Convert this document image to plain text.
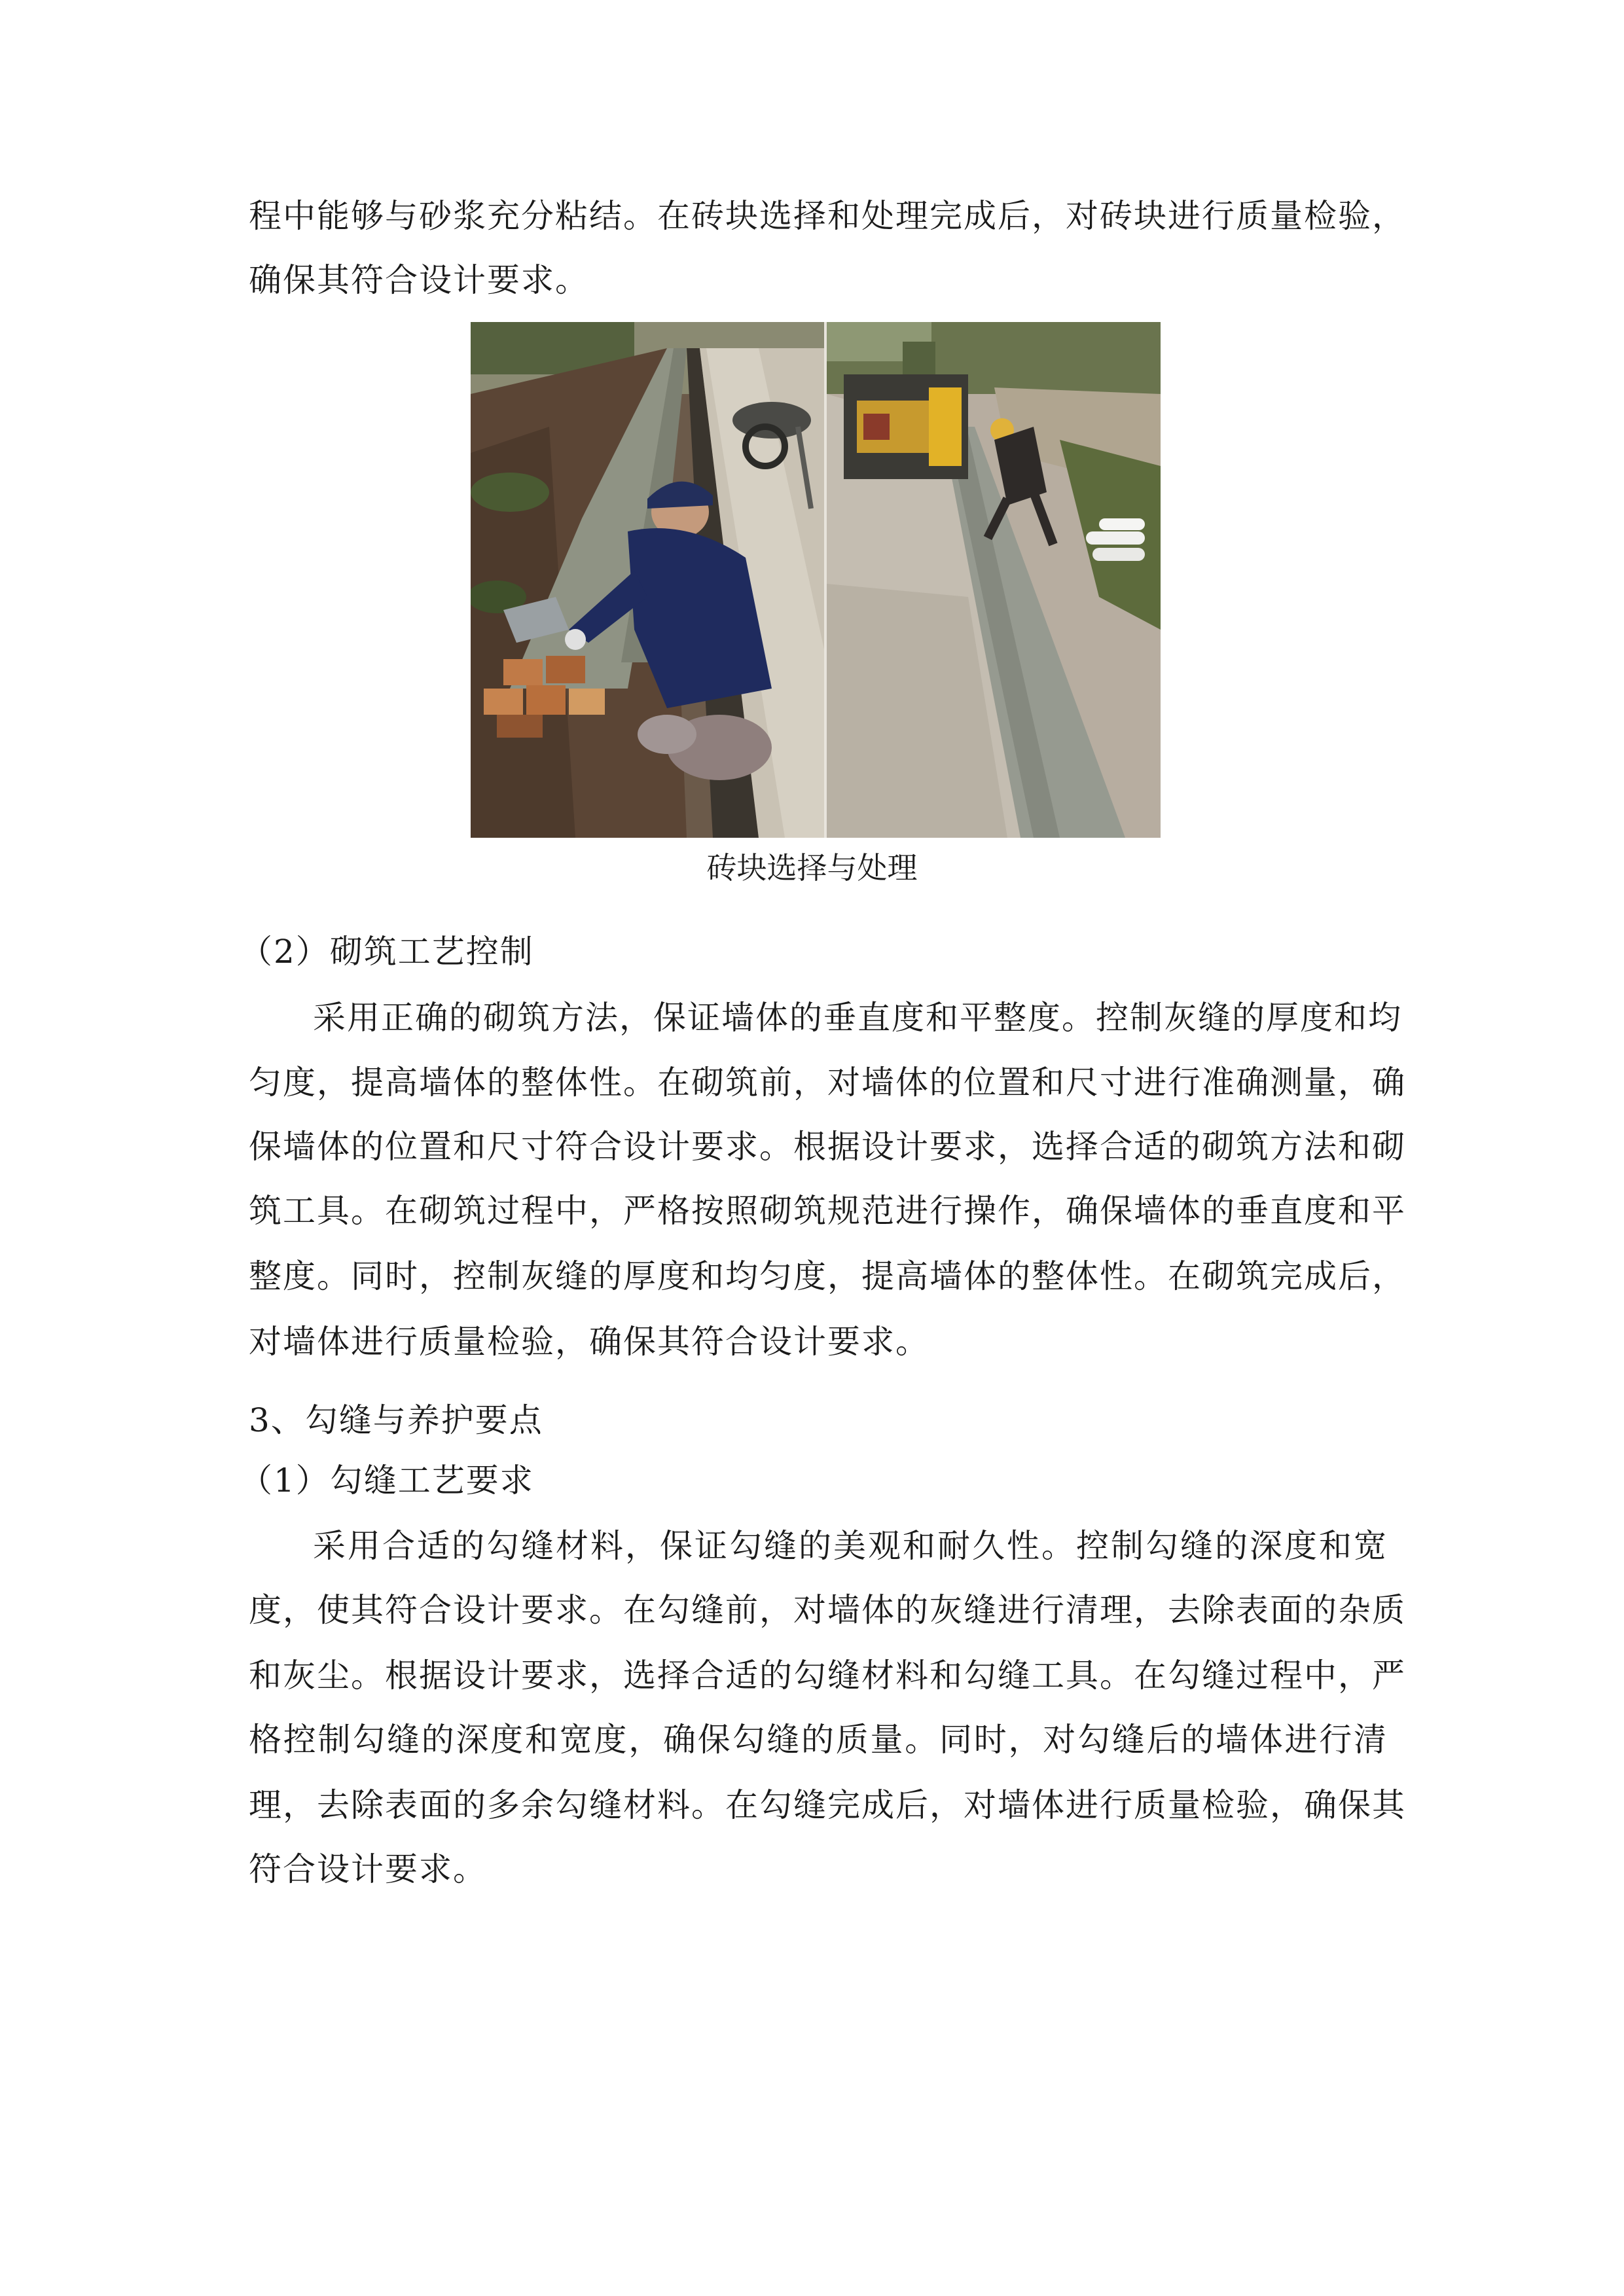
程中能够与砂浆充分粘结。在砖块选择和处理完成后，对砖块进行质量检验，
确保其符合设计要求。
砖块选择与处理
（2）砌筑工艺控制
采用正确的砌筑方法，保证墙体的垂直度和平整度。控制灰缝的厚度和均
匀度，提高墙体的整体性。在砌筑前，对墙体的位置和尺寸进行准确测量，确
保墙体的位置和尺寸符合设计要求。根据设计要求，选择合适的砌筑方法和砌
筑工具。在砌筑过程中，严格按照砌筑规范进行操作，确保墙体的垂直度和平
整度。同时，控制灰缝的厚度和均匀度，提高墙体的整体性。在砌筑完成后，
对墙体进行质量检验，确保其符合设计要求。
3、勾缝与养护要点
（1）勾缝工艺要求
采用合适的勾缝材料，保证勾缝的美观和耐久性。控制勾缝的深度和宽
度，使其符合设计要求。在勾缝前，对墙体的灰缝进行清理，去除表面的杂质
和灰尘。根据设计要求，选择合适的勾缝材料和勾缝工具。在勾缝过程中，严
格控制勾缝的深度和宽度，确保勾缝的质量。同时，对勾缝后的墙体进行清
理，去除表面的多余勾缝材料。在勾缝完成后，对墙体进行质量检验，确保其
符合设计要求。
